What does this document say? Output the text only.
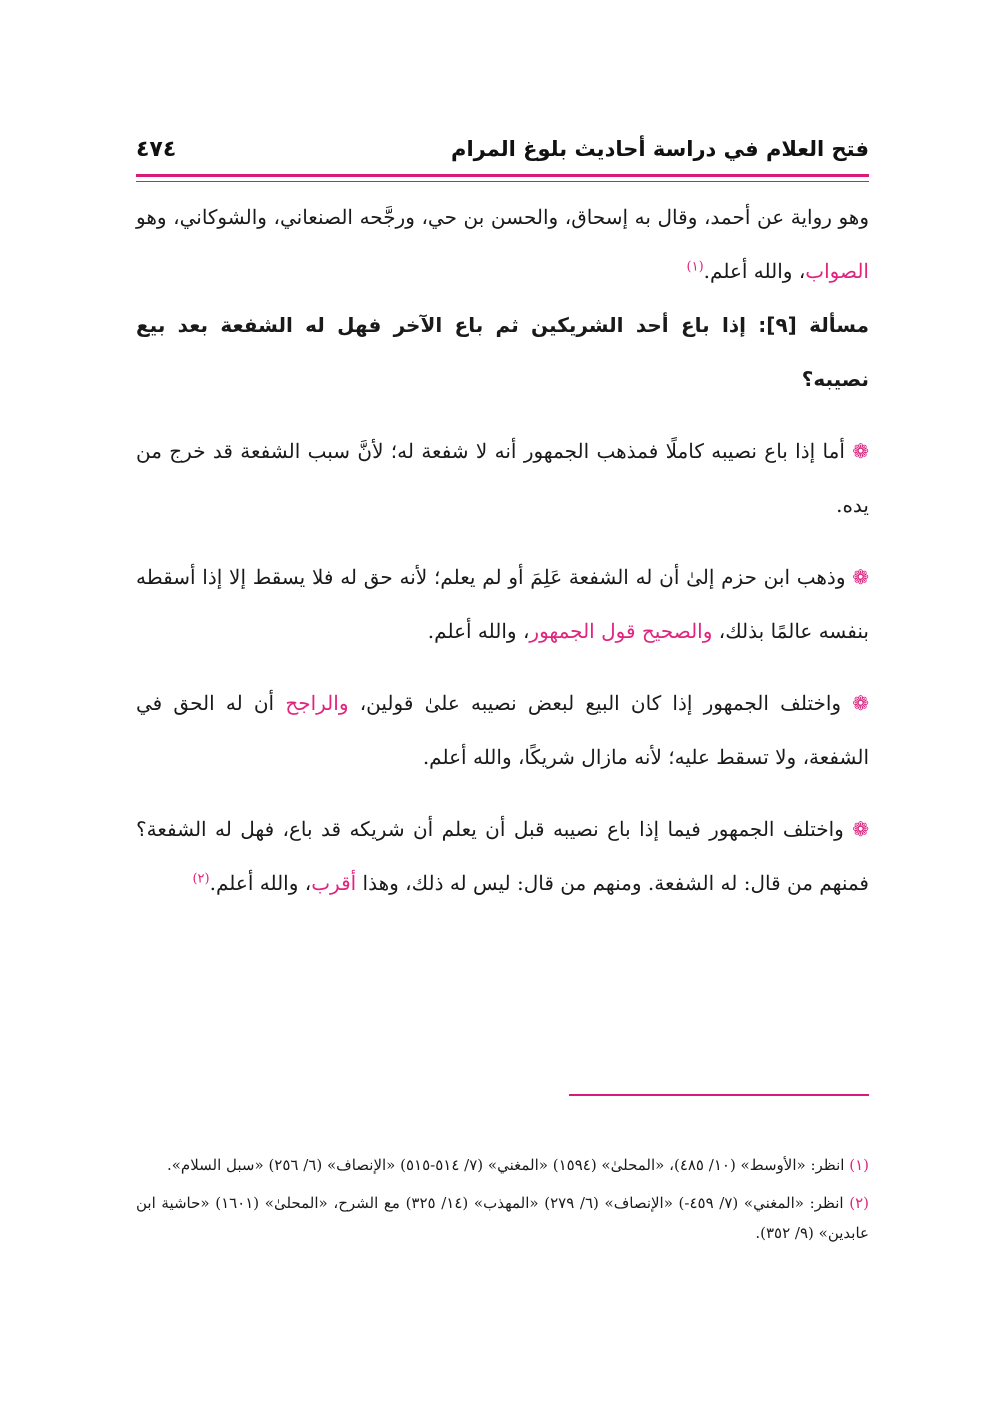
فتح العلام في دراسة أحاديث بلوغ المرام
٤٧٤

وهو رواية عن أحمد، وقال به إسحاق، والحسن بن حي، ورجَّحه الصنعاني، والشوكاني، وهو الصواب، والله أعلم.$^{(١)}$

مسألة [٩]: إذا باع أحد الشريكين ثم باع الآخر فهل له الشفعة بعد بيع نصيبه؟

❁ أما إذا باع نصيبه كاملًا فمذهب الجمهور أنه لا شفعة له؛ لأنَّ سبب الشفعة قد خرج من يده.

❁ وذهب ابن حزم إلىٰ أن له الشفعة عَلِمَ أو لم يعلم؛ لأنه حق له فلا يسقط إلا إذا أسقطه بنفسه عالمًا بذلك، والصحيح قول الجمهور، والله أعلم.

❁ واختلف الجمهور إذا كان البيع لبعض نصيبه علىٰ قولين، والراجح أن له الحق في الشفعة، ولا تسقط عليه؛ لأنه مازال شريكًا، والله أعلم.

❁ واختلف الجمهور فيما إذا باع نصيبه قبل أن يعلم أن شريكه قد باع، فهل له الشفعة؟ فمنهم من قال: له الشفعة. ومنهم من قال: ليس له ذلك، وهذا أقرب، والله أعلم.$^{(٢)}$

(١) انظر: «الأوسط» (١٠/ ٤٨٥)، «المحلىٰ» (١٥٩٤) «المغني» (٧/ ٥١٤-٥١٥) «الإنصاف» (٦/ ٢٥٦) «سبل السلام».

(٢) انظر: «المغني» (٧/ ٤٥٩-) «الإنصاف» (٦/ ٢٧٩) «المهذب» (١٤/ ٣٢٥) مع الشرح، «المحلىٰ» (١٦٠١) «حاشية ابن عابدين» (٩/ ٣٥٢).
